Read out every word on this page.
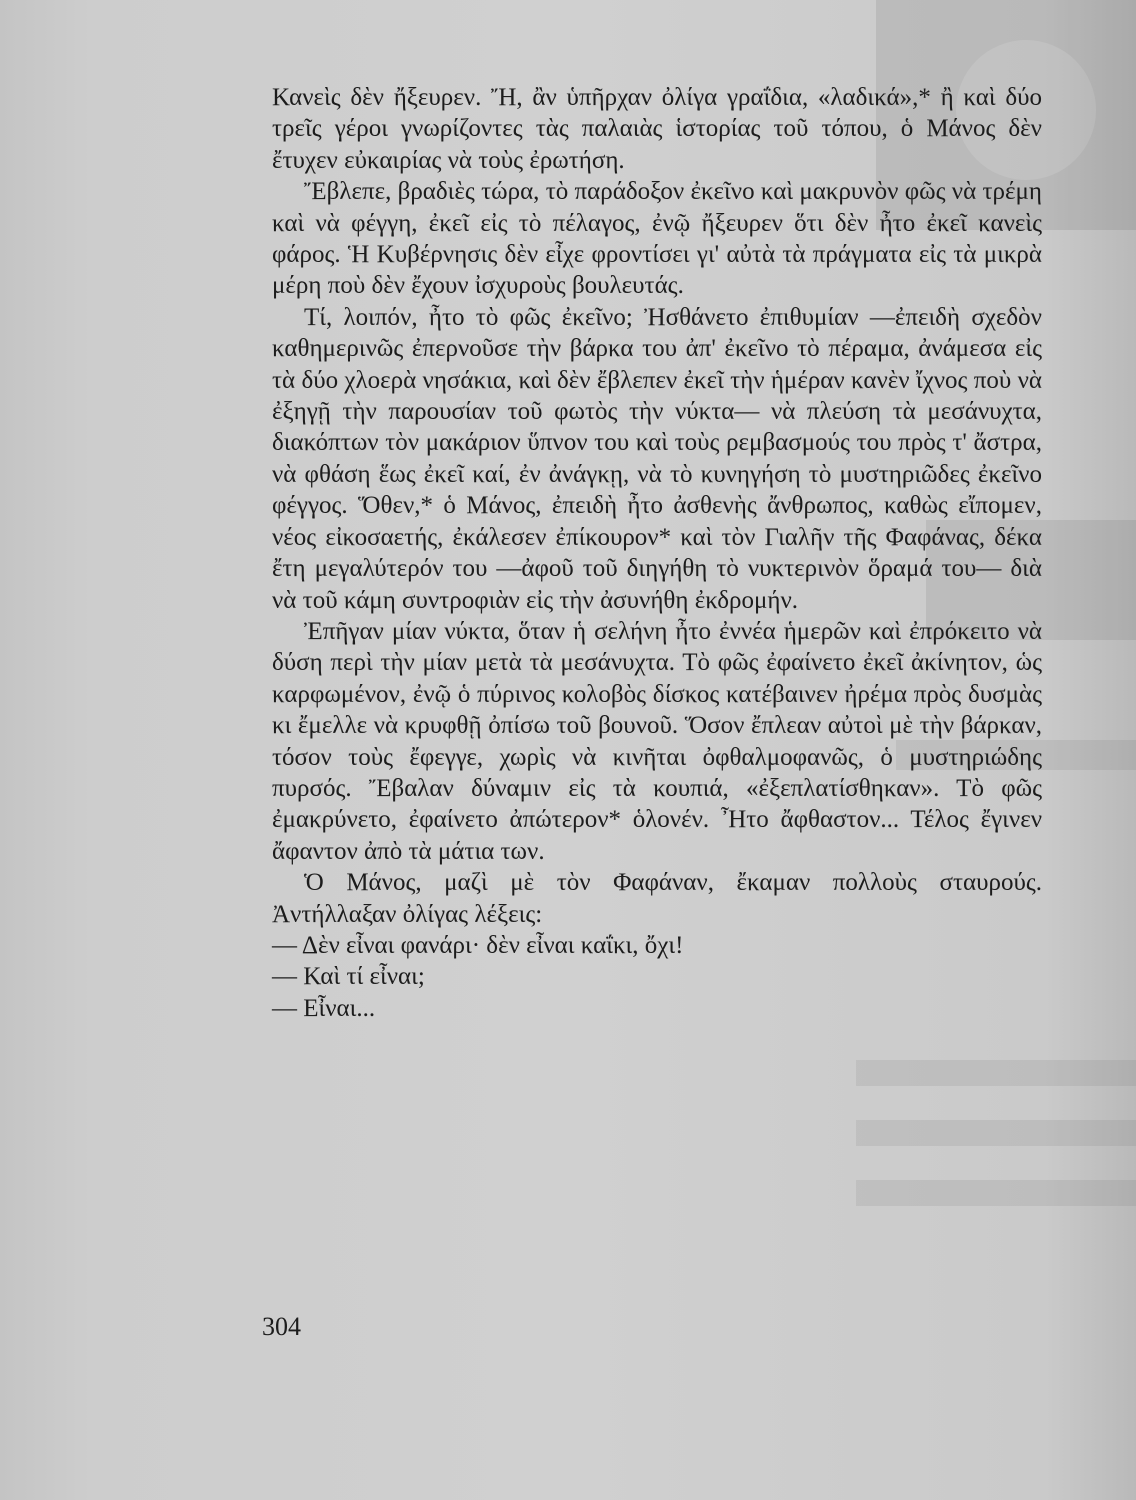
Κανεὶς δὲν ἤξευρεν. Ἤ, ἂν ὑπῆρχαν ὀλίγα γραΐδια, «λαδικά»,* ἢ καὶ δύο τρεῖς γέροι γνωρίζοντες τὰς παλαιὰς ἱστορίας τοῦ τόπου, ὁ Μάνος δὲν ἔτυχεν εὐκαιρίας νὰ τοὺς ἐρωτήση.

Ἔβλεπε, βραδιὲς τώρα, τὸ παράδοξον ἐκεῖνο καὶ μακρυνὸν φῶς νὰ τρέμη καὶ νὰ φέγγη, ἐκεῖ εἰς τὸ πέλαγος, ἐνῷ ἤξευρεν ὅτι δὲν ἦτο ἐκεῖ κανεὶς φάρος. Ἡ Κυβέρνησις δὲν εἶχε φροντίσει γι' αὐτὰ τὰ πράγματα εἰς τὰ μικρὰ μέρη ποὺ δὲν ἔχουν ἰσχυροὺς βουλευτάς.

Τί, λοιπόν, ἦτο τὸ φῶς ἐκεῖνο; Ἠσθάνετο ἐπιθυμίαν —ἐπειδὴ σχεδὸν καθημερινῶς ἐπερνοῦσε τὴν βάρκα του ἀπ' ἐκεῖνο τὸ πέραμα, ἀνάμεσα εἰς τὰ δύο χλοερὰ νησάκια, καὶ δὲν ἔβλεπεν ἐκεῖ τὴν ἡμέραν κανὲν ἴχνος ποὺ νὰ ἐξηγῇ τὴν παρουσίαν τοῦ φωτὸς τὴν νύκτα— νὰ πλεύση τὰ μεσάνυχτα, διακόπτων τὸν μακάριον ὕπνον του καὶ τοὺς ρεμβασμούς του πρὸς τ' ἄστρα, νὰ φθάση ἕως ἐκεῖ καί, ἐν ἀνάγκῃ, νὰ τὸ κυνηγήση τὸ μυστηριῶδες ἐκεῖνο φέγγος. Ὅθεν,* ὁ Μάνος, ἐπειδὴ ἦτο ἀσθενὴς ἄνθρωπος, καθὼς εἴπομεν, νέος εἰκοσαετής, ἐκάλεσεν ἐπίκουρον* καὶ τὸν Γιαλῆν τῆς Φαφάνας, δέκα ἔτη μεγαλύτερόν του —ἀφοῦ τοῦ διηγήθη τὸ νυκτερινὸν ὅραμά του— διὰ νὰ τοῦ κάμη συντροφιὰν εἰς τὴν ἀσυνήθη ἐκδρομήν.

Ἐπῆγαν μίαν νύκτα, ὅταν ἡ σελήνη ἦτο ἐννέα ἡμερῶν καὶ ἐπρόκειτο νὰ δύση περὶ τὴν μίαν μετὰ τὰ μεσάνυχτα. Τὸ φῶς ἐφαίνετο ἐκεῖ ἀκίνητον, ὡς καρφωμένον, ἐνῷ ὁ πύρινος κολοβὸς δίσκος κατέβαινεν ἠρέμα πρὸς δυσμὰς κι ἔμελλε νὰ κρυφθῇ ὀπίσω τοῦ βουνοῦ. Ὅσον ἔπλεαν αὐτοὶ μὲ τὴν βάρκαν, τόσον τοὺς ἔφεγγε, χωρὶς νὰ κινῆται ὀφθαλμοφανῶς, ὁ μυστηριώδης πυρσός. Ἔβαλαν δύναμιν εἰς τὰ κουπιά, «ἐξεπλατίσθηκαν». Τὸ φῶς ἐμακρύνετο, ἐφαίνετο ἀπώτερον* ὁλονέν. Ἦτο ἄφθαστον... Τέλος ἔγινεν ἄφαντον ἀπὸ τὰ μάτια των.

Ὁ Μάνος, μαζὶ μὲ τὸν Φαφάναν, ἔκαμαν πολλοὺς σταυρούς. Ἀντήλλαξαν ὀλίγας λέξεις:

— Δὲν εἶναι φανάρι· δὲν εἶναι καΐκι, ὄχι!
— Καὶ τί εἶναι;
— Εἶναι...
304
